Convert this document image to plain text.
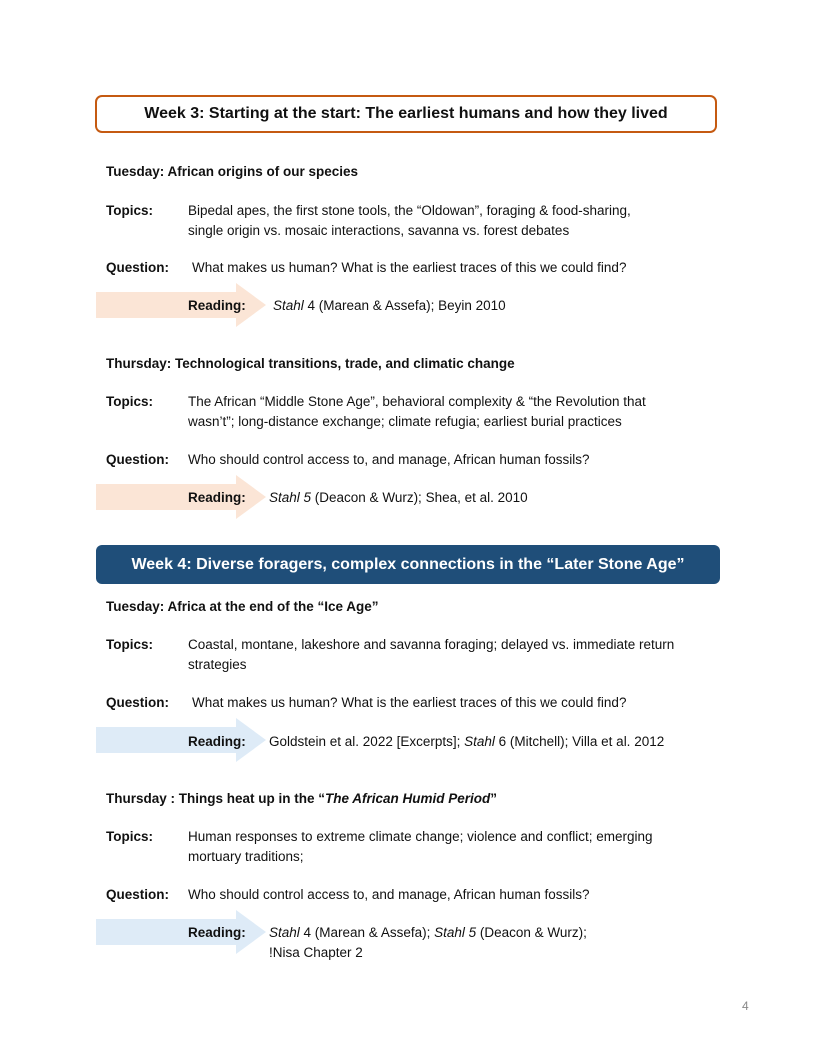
Week 3: Starting at the start: The earliest humans and how they lived
Tuesday: African origins of our species
Topics:	Bipedal apes, the first stone tools, the “Oldowan”, foraging & food-sharing,
single origin vs. mosaic interactions, savanna vs. forest debates
Question: What makes us human? What is the earliest traces of this we could find?
Reading: Stahl 4 (Marean & Assefa); Beyin 2010
Thursday: Technological transitions, trade, and climatic change
Topics:	The African “Middle Stone Age”, behavioral complexity & “the Revolution that
wasn’t”; long-distance exchange; climate refugia; earliest burial practices
Question: Who should control access to, and manage, African human fossils?
Reading: Stahl 5 (Deacon & Wurz); Shea, et al. 2010
Week 4: Diverse foragers, complex connections in the “Later Stone Age”
Tuesday: Africa at the end of the “Ice Age”
Topics:	Coastal, montane, lakeshore and savanna foraging; delayed vs. immediate return
strategies
Question: What makes us human? What is the earliest traces of this we could find?
Reading: Goldstein et al. 2022 [Excerpts]; Stahl 6 (Mitchell); Villa et al. 2012
Thursday : Things heat up in the “The African Humid Period”
Topics:	Human responses to extreme climate change; violence and conflict; emerging
mortuary traditions;
Question: Who should control access to, and manage, African human fossils?
Reading: Stahl 4 (Marean & Assefa); Stahl 5 (Deacon & Wurz);
!Nisa Chapter 2
4
